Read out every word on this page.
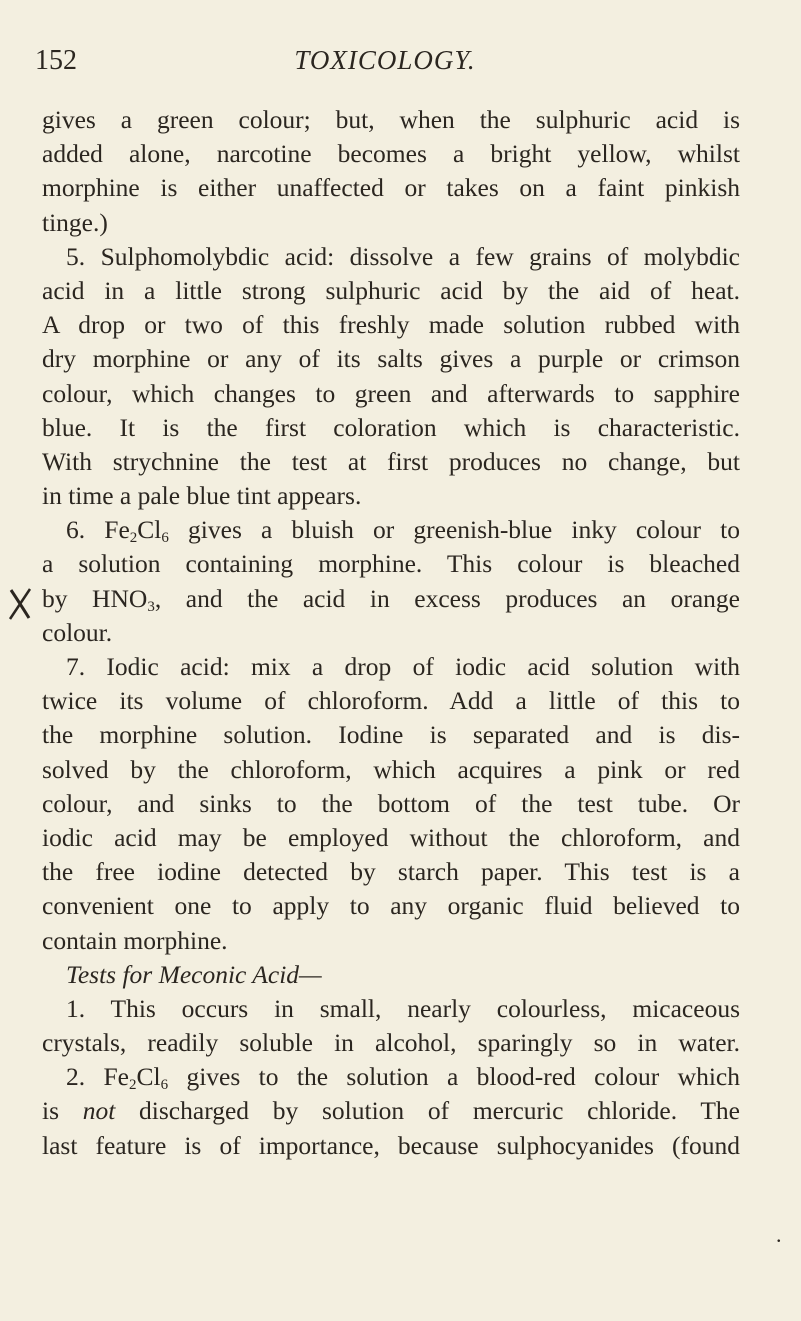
152	TOXICOLOGY.
gives a green colour; but, when the sulphuric acid is
added alone, narcotine becomes a bright yellow, whilst
morphine is either unaffected or takes on a faint pinkish
tinge.)
5. Sulphomolybdic acid: dissolve a few grains of molybdic
acid in a little strong sulphuric acid by the aid of heat.
A drop or two of this freshly made solution rubbed with
dry morphine or any of its salts gives a purple or crimson
colour, which changes to green and afterwards to sapphire
blue. It is the first coloration which is characteristic.
With strychnine the test at first produces no change, but
in time a pale blue tint appears.
6. $Fe_2Cl_6$ gives a bluish or greenish-blue inky colour to
a solution containing morphine. This colour is bleached
by $HNO_3$, and the acid in excess produces an orange
colour.
7. Iodic acid: mix a drop of iodic acid solution with
twice its volume of chloroform. Add a little of this to
the morphine solution. Iodine is separated and is dis-
solved by the chloroform, which acquires a pink or red
colour, and sinks to the bottom of the test tube. Or
iodic acid may be employed without the chloroform, and
the free iodine detected by starch paper. This test is a
convenient one to apply to any organic fluid believed to
contain morphine.
Tests for Meconic Acid—
1. This occurs in small, nearly colourless, micaceous
crystals, readily soluble in alcohol, sparingly so in water.
2. $Fe_2Cl_6$ gives to the solution a blood-red colour which
is not discharged by solution of mercuric chloride. The
last feature is of importance, because sulphocyanides (found
.
